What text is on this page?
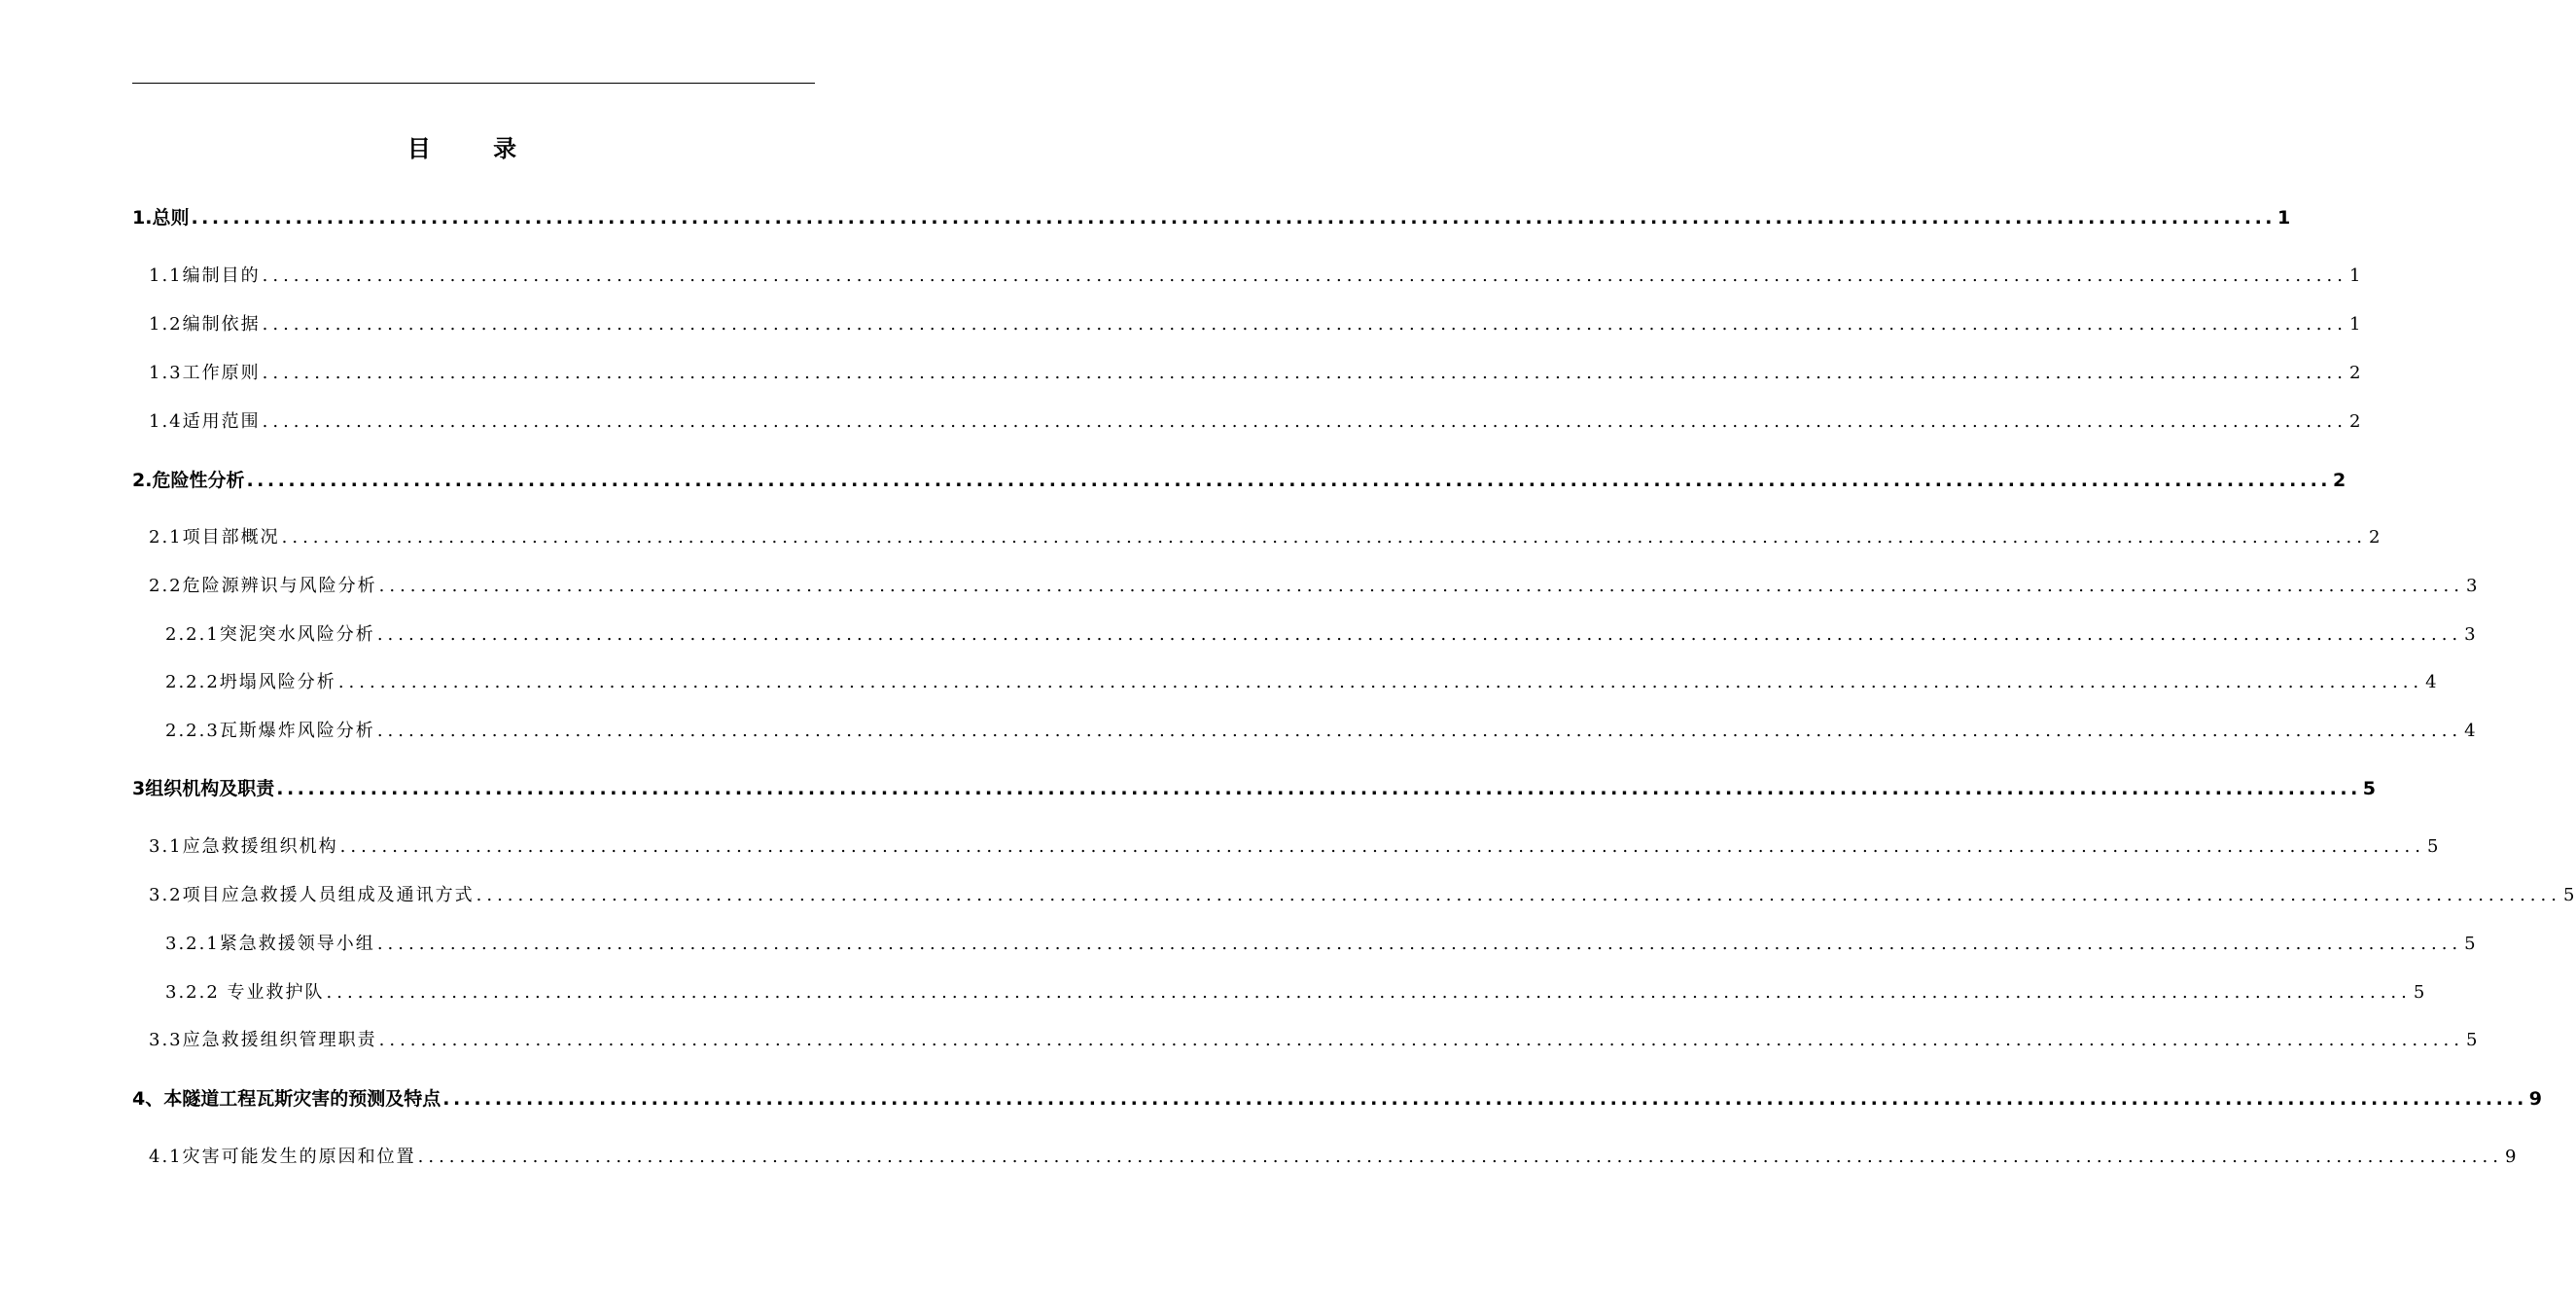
目 录
1.总则 ........................................................................................................................................................................................................ 1
1.1编制目的 ........................................................................................................................................................................................................ 1
1.2编制依据 ........................................................................................................................................................................................................ 1
1.3工作原则 ........................................................................................................................................................................................................ 2
1.4适用范围 ........................................................................................................................................................................................................ 2
2.危险性分析 ........................................................................................................................................................................................................ 2
2.1项目部概况 ........................................................................................................................................................................................................ 2
2.2危险源辨识与风险分析 ........................................................................................................................................................................................................ 3
2.2.1突泥突水风险分析 ........................................................................................................................................................................................................ 3
2.2.2坍塌风险分析 ........................................................................................................................................................................................................ 4
2.2.3瓦斯爆炸风险分析 ........................................................................................................................................................................................................ 4
3组织机构及职责 ........................................................................................................................................................................................................ 5
3.1应急救援组织机构 ........................................................................................................................................................................................................ 5
3.2项目应急救援人员组成及通讯方式 ........................................................................................................................................................................................................ 5
3.2.1紧急救援领导小组 ........................................................................................................................................................................................................ 5
3.2.2 专业救护队 ........................................................................................................................................................................................................ 5
3.3应急救援组织管理职责 ........................................................................................................................................................................................................ 5
4、本隧道工程瓦斯灾害的预测及特点 ........................................................................................................................................................................................................ 9
4.1灾害可能发生的原因和位置 ........................................................................................................................................................................................................ 9
